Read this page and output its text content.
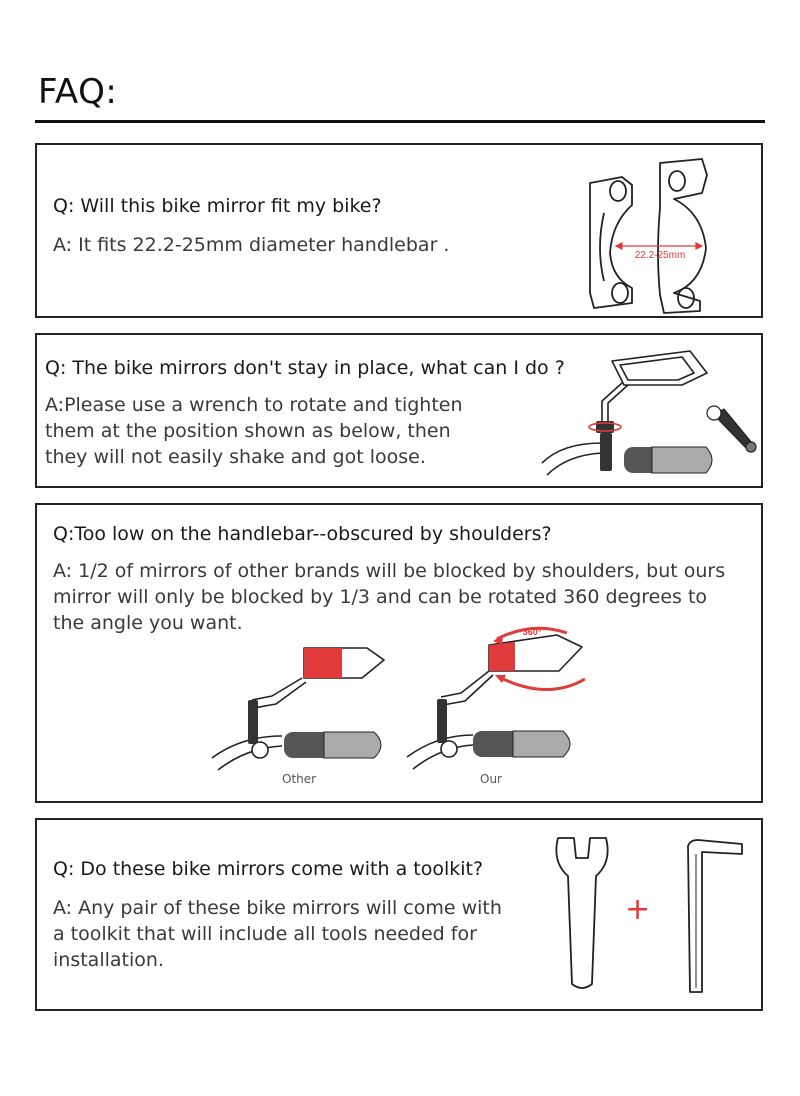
FAQ:
Q: Will this bike mirror fit my bike?
A: It fits 22.2-25mm diameter handlebar .	22.2-25mm
Q: The bike mirrors don't stay in place, what can I do ?
A:Please use a wrench to rotate and tighten
them at the position shown as below, then
they will not easily shake and got loose.
Q:Too low on the handlebar--obscured by shoulders?
A: 1/2 of mirrors of other brands will be blocked by shoulders, but ours
mirror will only be blocked by 1/3 and can be rotated 360 degrees to
the angle you want.
Other
360°
Our
Q: Do these bike mirrors come with a toolkit?
A: Any pair of these bike mirrors will come with
a toolkit that will include all tools needed for
installation.
+
